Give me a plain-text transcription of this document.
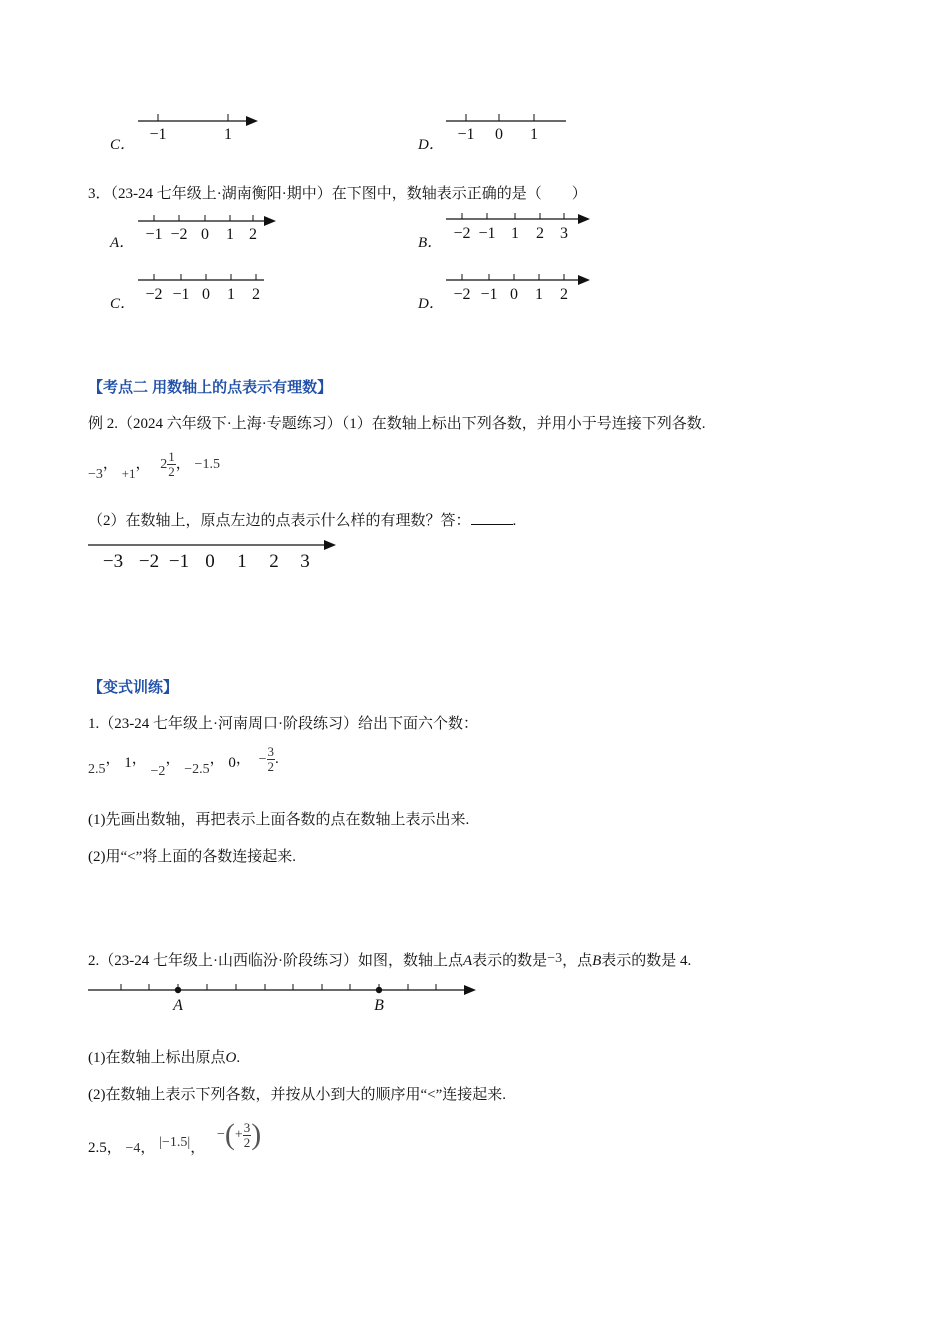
C．
−1	1
D．
−1 0 1
3．（23-24 七年级上·湖南衡阳·期中）在下图中，数轴表示正确的是（　　）
A． −1 −2 0 1 2	B．
−2 −1 1 2 3
C．
−2 −1 0 1 2
D．
−2 −1 0 1 2
【考点二 用数轴上的点表示有理数】
例 2.（2024 六年级下·上海·专题练习）（1）在数轴上标出下列各数，并用小于号连接下列各数.
−3， +1， $2 \frac{1}{2}$ ， −1.5
（2）在数轴上，原点左边的点表示什么样的有理数？答：	.
−3 −2 −1 0 1 2 3
【变式训练】
1.（23-24 七年级上·河南周口·阶段练习）给出下面六个数：
2.5， 1， −2， −2.5， 0， − $\frac{3}{2}$ .
(1)先画出数轴，再把表示上面各数的点在数轴上表示出来.
(2)用“<”将上面的各数连接起来.
2.（23-24 七年级上·山西临汾·阶段练习）如图，数轴上点A表示的数是−3，点B表示的数是 4.
A	B
(1)在数轴上标出原点O.
(2)在数轴上表示下列各数，并按从小到大的顺序用“<”连接起来.
2.5， −4， |−1.5|， −(+ $\frac{3}{2}$ )
